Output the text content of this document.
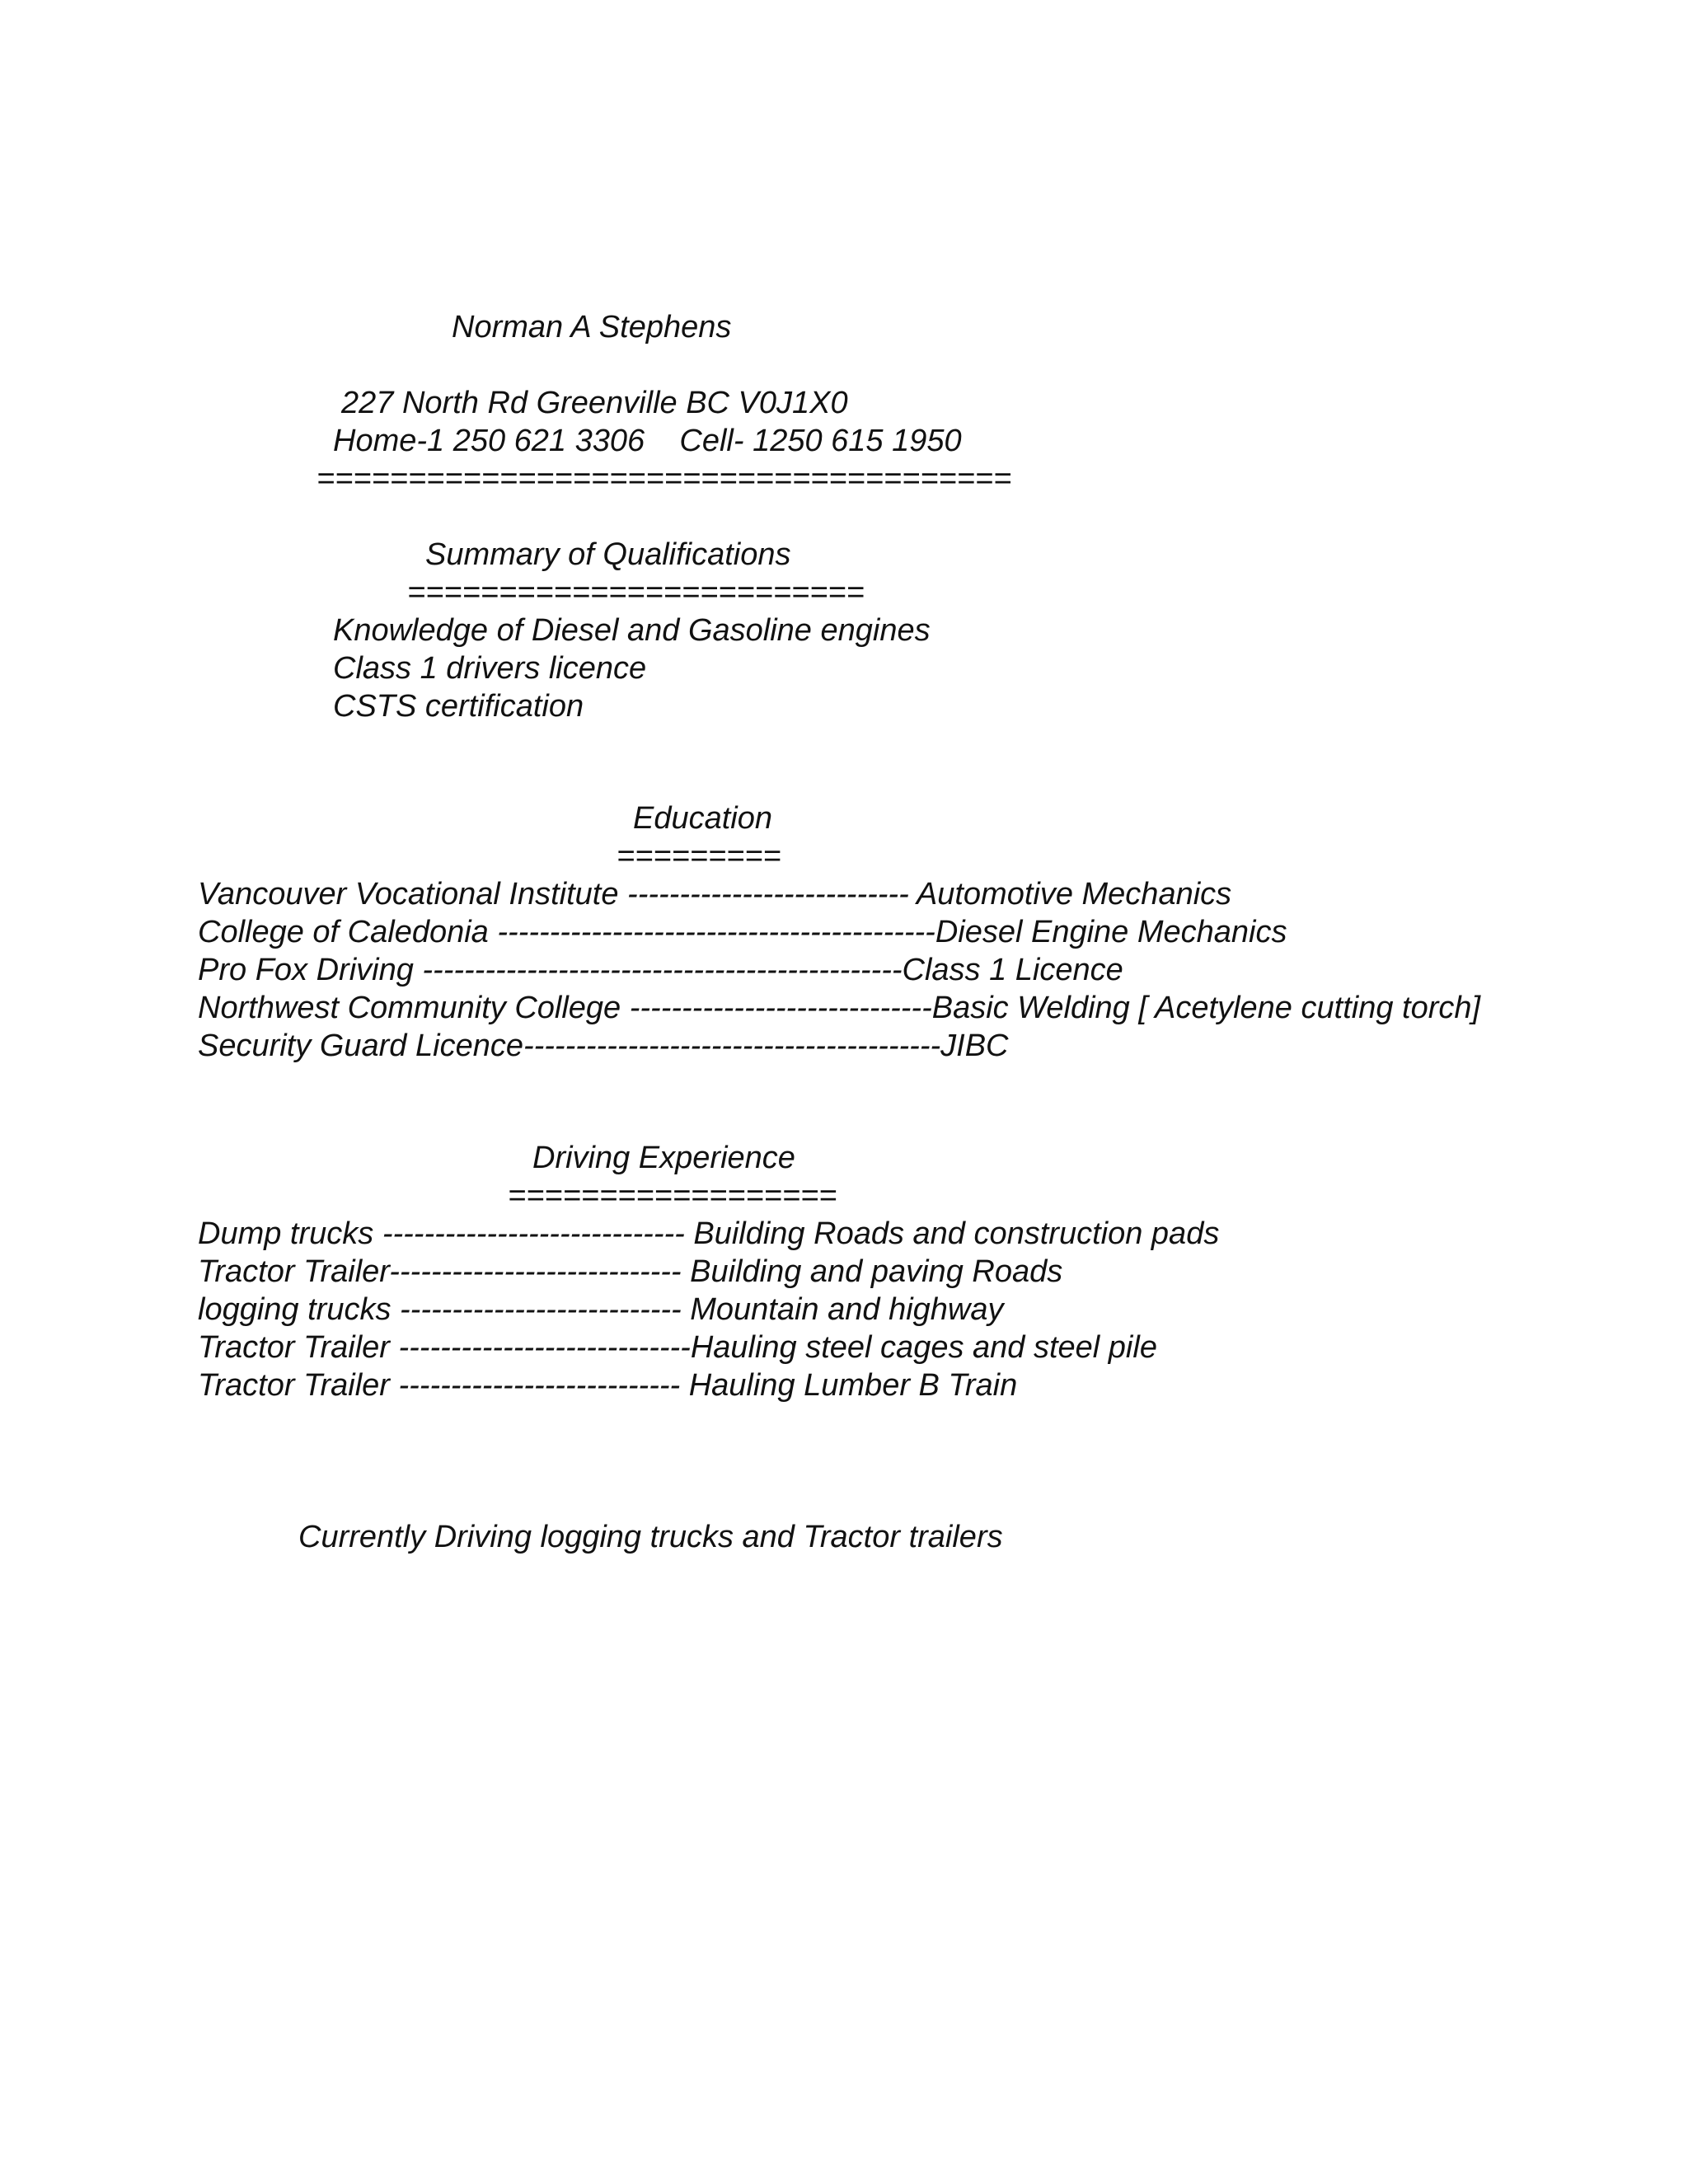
Norman A Stephens

227 North Rd Greenville BC V0J1X0

Home-1 250 621 3306    Cell- 1250 615 1950

======================================

Summary of Qualifications

=========================

Knowledge of Diesel and Gasoline engines

Class 1 drivers licence

CSTS certification

Education

=========

Vancouver Vocational Institute --------------------------- Automotive Mechanics

College of Caledonia ------------------------------------------Diesel Engine Mechanics

Pro Fox Driving ----------------------------------------------Class 1 Licence

Northwest Community College -----------------------------Basic Welding [ Acetylene cutting torch]

Security Guard Licence----------------------------------------JIBC

Driving Experience

==================

Dump trucks ----------------------------- Building Roads and construction pads

Tractor Trailer---------------------------- Building and paving Roads

logging trucks --------------------------- Mountain and highway

Tractor Trailer ----------------------------Hauling steel cages and steel pile

Tractor Trailer --------------------------- Hauling Lumber B Train

Currently Driving logging trucks and Tractor trailers
